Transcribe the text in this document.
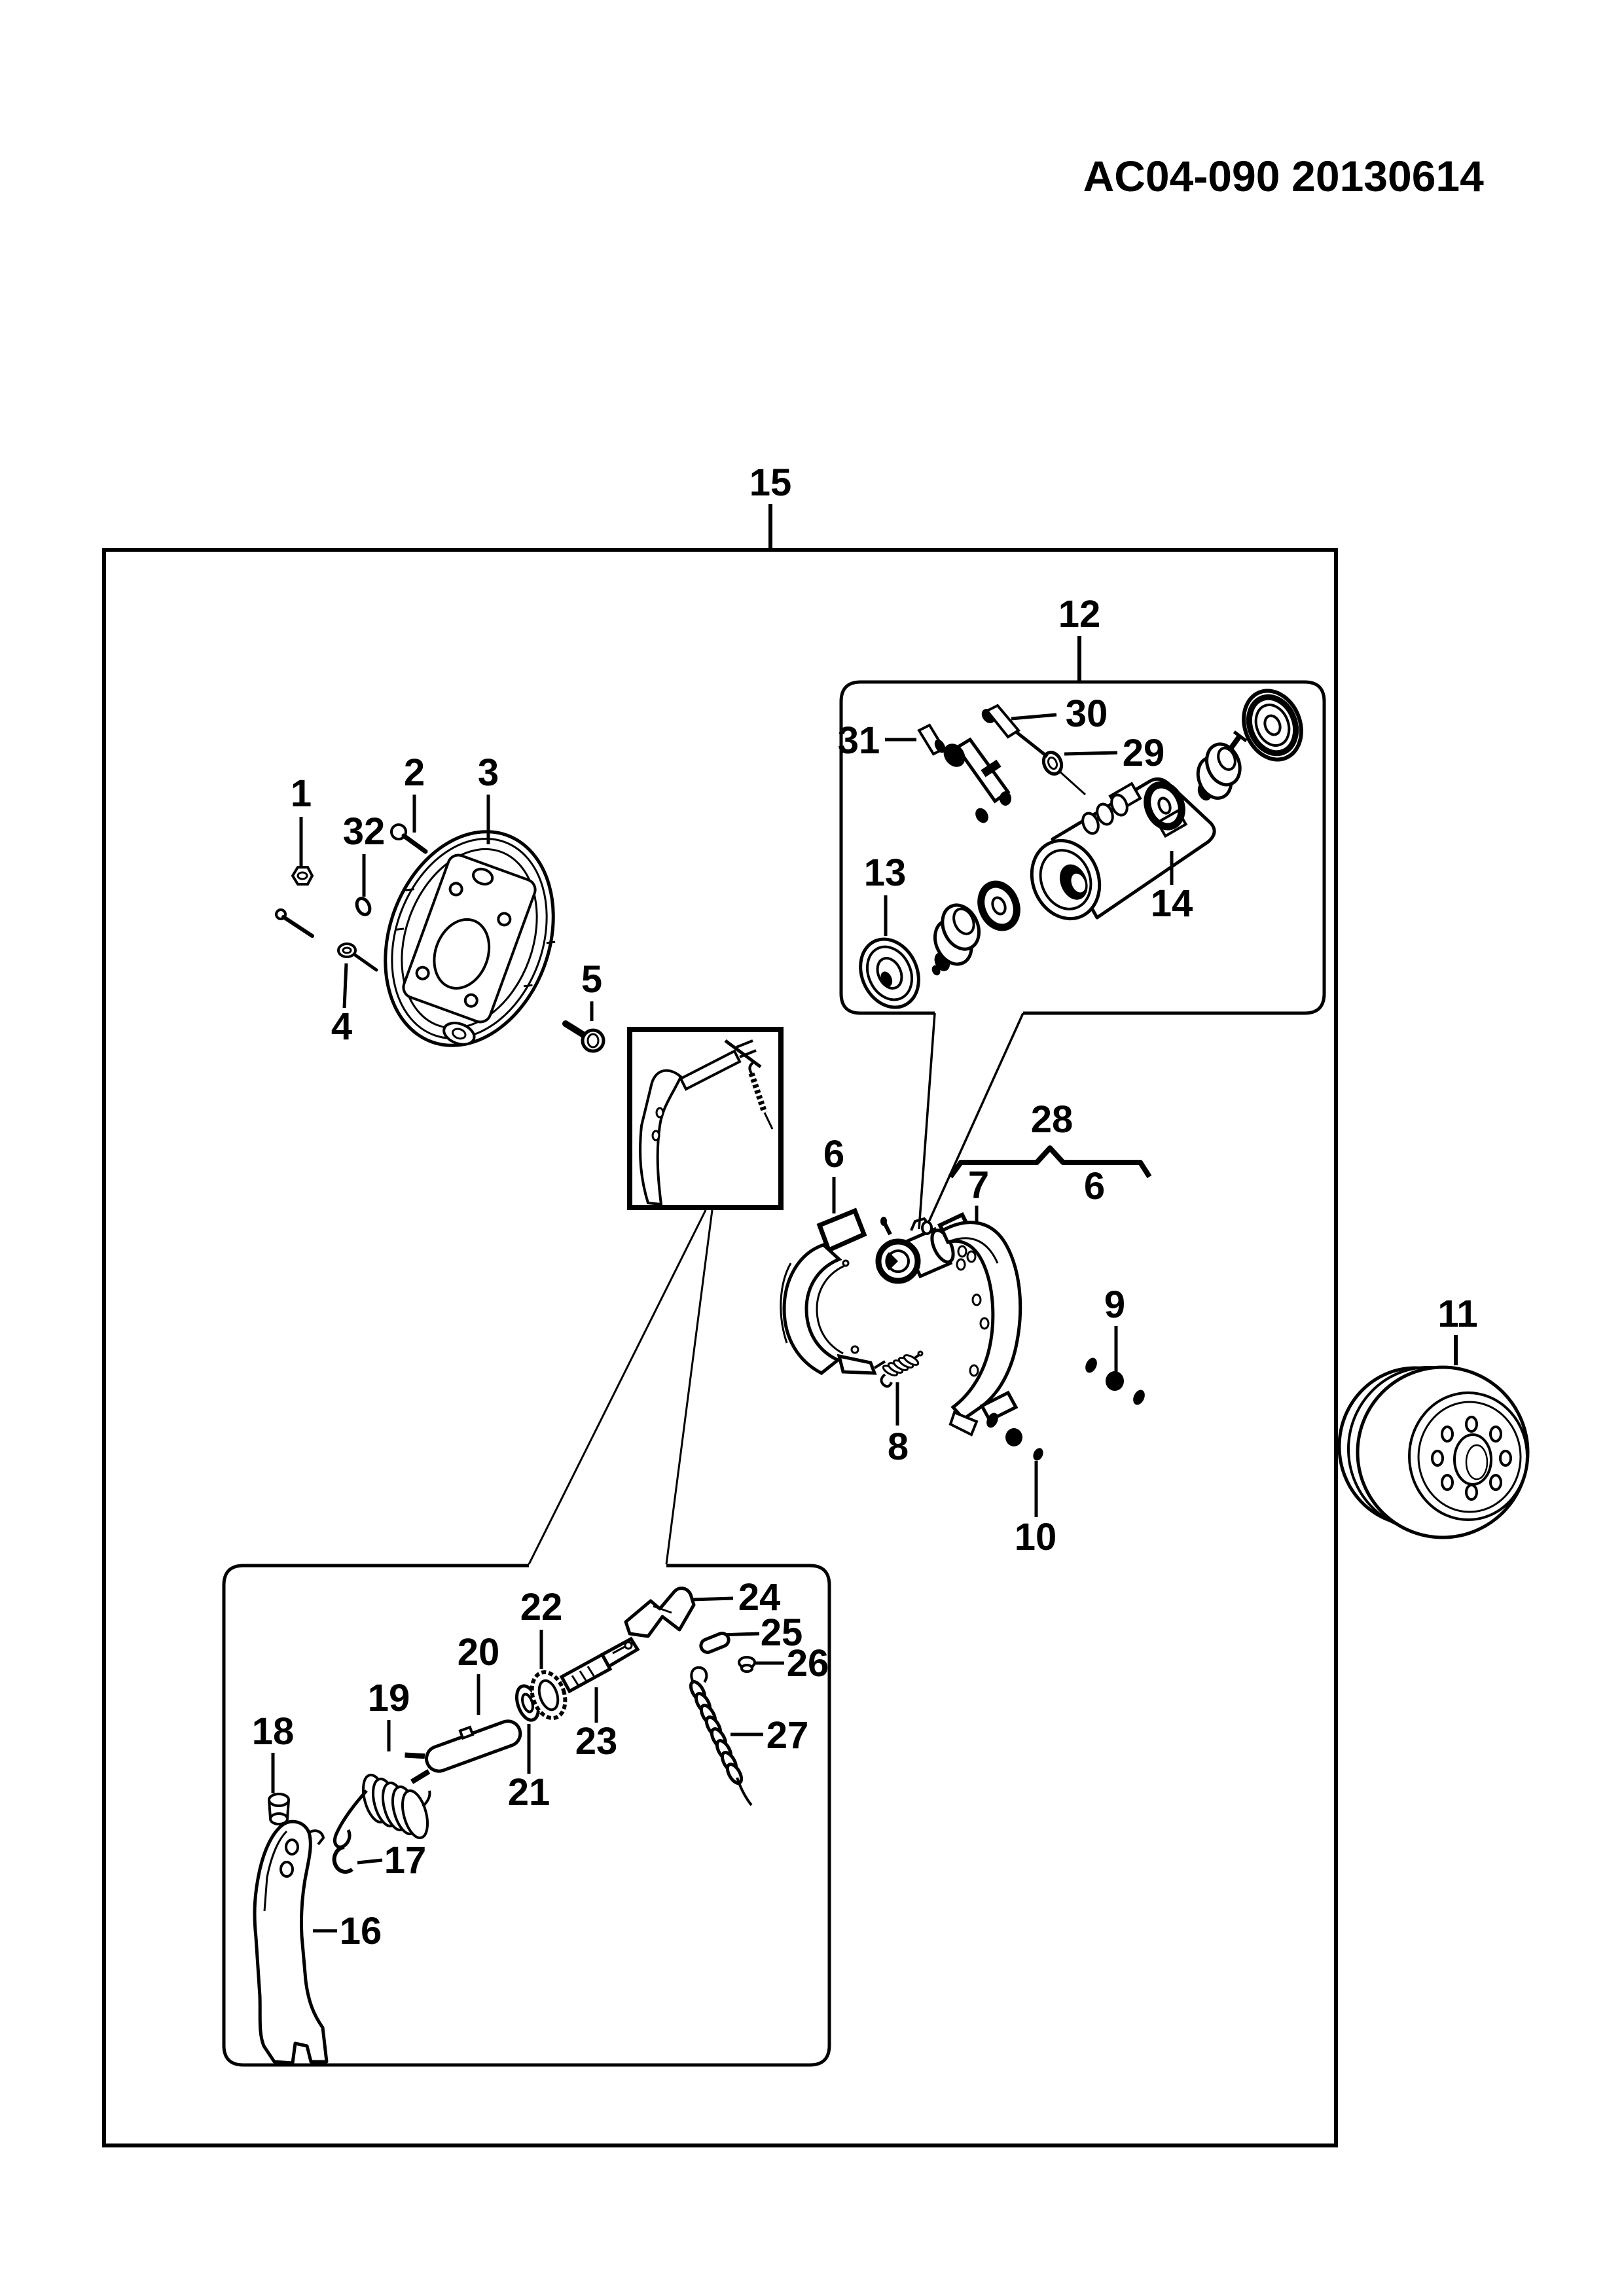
AC04-090 20130614
15
1 2 3
32
4
5
12
30
31	29
13
14
6
28
7 6
8
9
10
11
16
18
19
17
20
21
22
23
24
25
26
27
